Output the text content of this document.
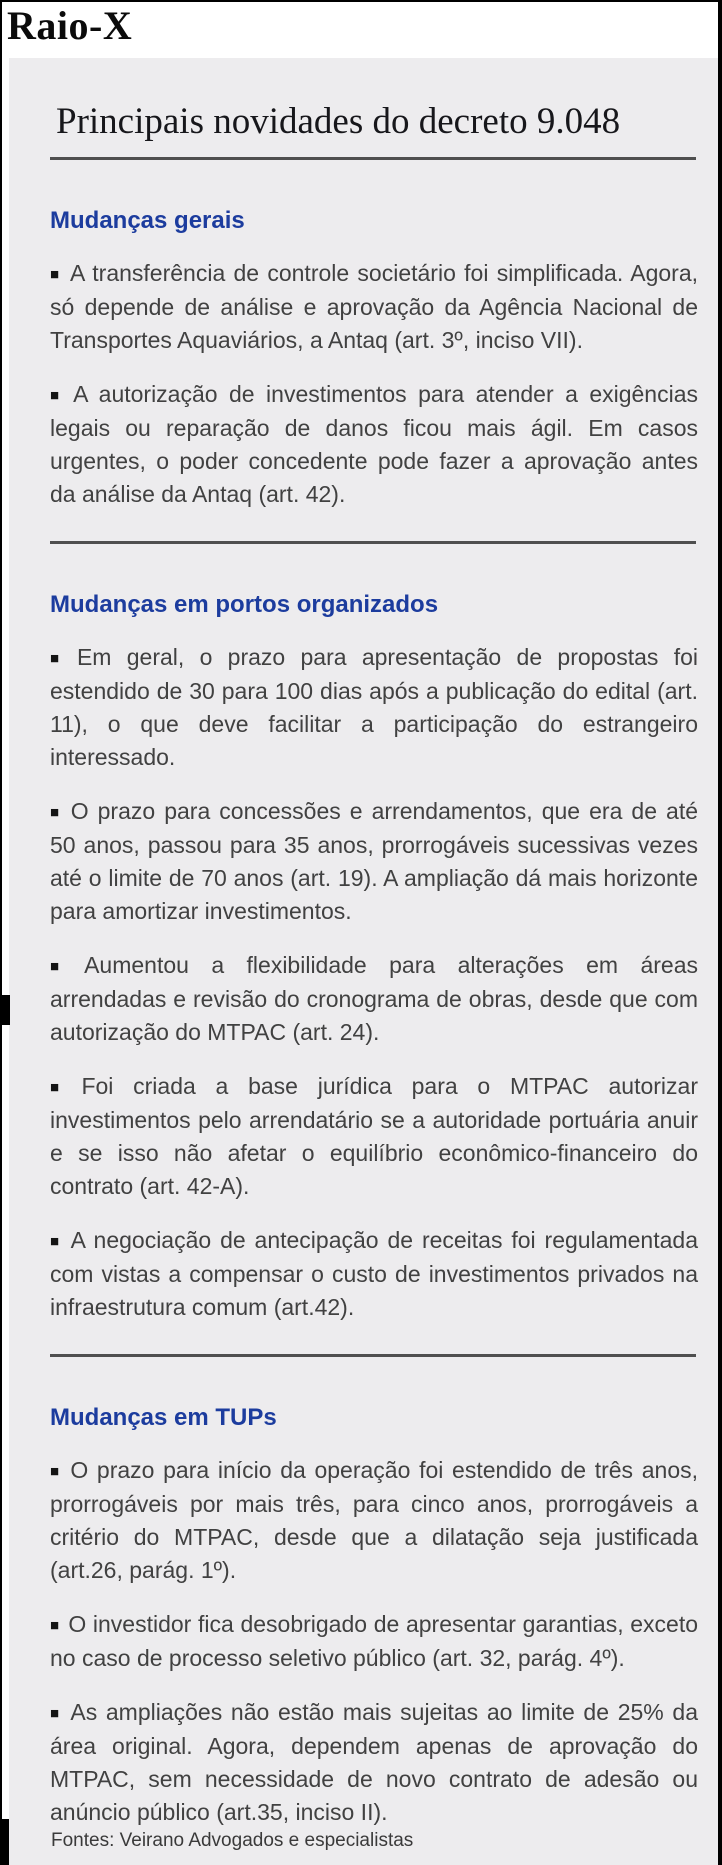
Raio-X
Principais novidades do decreto 9.048
Mudanças gerais

■ A transferência de controle societário foi simplificada. Agora, só depende de análise e aprovação da Agência Nacional de Transportes Aquaviários, a Antaq (art. 3º, inciso VII).

■ A autorização de investimentos para atender a exigências legais ou reparação de danos ficou mais ágil. Em casos urgentes, o poder concedente pode fazer a aprovação antes da análise da Antaq (art. 42).

Mudanças em portos organizados

■ Em geral, o prazo para apresentação de propostas foi estendido de 30 para 100 dias após a publicação do edital (art. 11), o que deve facilitar a participação do estrangeiro interessado.

■ O prazo para concessões e arrendamentos, que era de até 50 anos, passou para 35 anos, prorrogáveis sucessivas vezes até o limite de 70 anos (art. 19). A ampliação dá mais horizonte para amortizar investimentos.

■ Aumentou a flexibilidade para alterações em áreas arrendadas e revisão do cronograma de obras, desde que com autorização do MTPAC (art. 24).

■ Foi criada a base jurídica para o MTPAC autorizar investimentos pelo arrendatário se a autoridade portuária anuir e se isso não afetar o equilíbrio econômico-financeiro do contrato (art. 42-A).

■ A negociação de antecipação de receitas foi regulamentada com vistas a compensar o custo de investimentos privados na infraestrutura comum (art.42).

Mudanças em TUPs

■ O prazo para início da operação foi estendido de três anos, prorrogáveis por mais três, para cinco anos, prorrogáveis a critério do MTPAC, desde que a dilatação seja justificada (art.26, parág. 1º).

■ O investidor fica desobrigado de apresentar garantias, exceto no caso de processo seletivo público (art. 32, parág. 4º).

■ As ampliações não estão mais sujeitas ao limite de 25% da área original. Agora, dependem apenas de aprovação do MTPAC, sem necessidade de novo contrato de adesão ou anúncio público (art.35, inciso II).

Fontes: Veirano Advogados e especialistas
